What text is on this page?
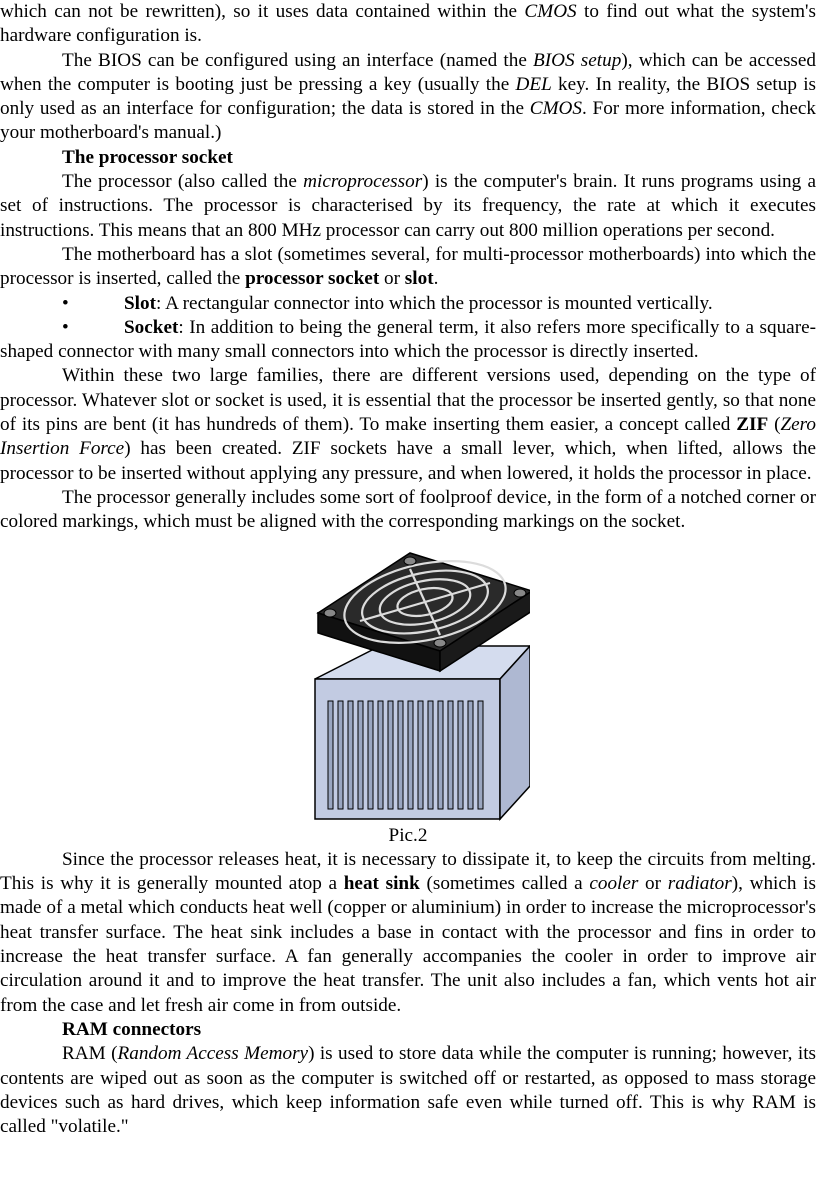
which can not be rewritten), so it uses data contained within the CMOS to find out what the system's hardware configuration is.

The BIOS can be configured using an interface (named the BIOS setup), which can be accessed when the computer is booting just be pressing a key (usually the DEL key. In reality, the BIOS setup is only used as an interface for configuration; the data is stored in the CMOS. For more information, check your motherboard's manual.)

The processor socket

The processor (also called the microprocessor) is the computer's brain. It runs programs using a set of instructions. The processor is characterised by its frequency, the rate at which it executes instructions. This means that an 800 MHz processor can carry out 800 million operations per second.

The motherboard has a slot (sometimes several, for multi-processor motherboards) into which the processor is inserted, called the processor socket or slot.

•	Slot: A rectangular connector into which the processor is mounted vertically.

•	Socket: In addition to being the general term, it also refers more specifically to a square-shaped connector with many small connectors into which the processor is directly inserted.

Within these two large families, there are different versions used, depending on the type of processor. Whatever slot or socket is used, it is essential that the processor be inserted gently, so that none of its pins are bent (it has hundreds of them). To make inserting them easier, a concept called ZIF (Zero Insertion Force) has been created. ZIF sockets have a small lever, which, when lifted, allows the processor to be inserted without applying any pressure, and when lowered, it holds the processor in place.

The processor generally includes some sort of foolproof device, in the form of a notched corner or colored markings, which must be aligned with the corresponding markings on the socket.

Pic.2

Since the processor releases heat, it is necessary to dissipate it, to keep the circuits from melting. This is why it is generally mounted atop a heat sink (sometimes called a cooler or radiator), which is made of a metal which conducts heat well (copper or aluminium) in order to increase the microprocessor's heat transfer surface. The heat sink includes a base in contact with the processor and fins in order to increase the heat transfer surface. A fan generally accompanies the cooler in order to improve air circulation around it and to improve the heat transfer. The unit also includes a fan, which vents hot air from the case and let fresh air come in from outside.

RAM connectors

RAM (Random Access Memory) is used to store data while the computer is running; however, its contents are wiped out as soon as the computer is switched off or restarted, as opposed to mass storage devices such as hard drives, which keep information safe even while turned off. This is why RAM is called "volatile."
